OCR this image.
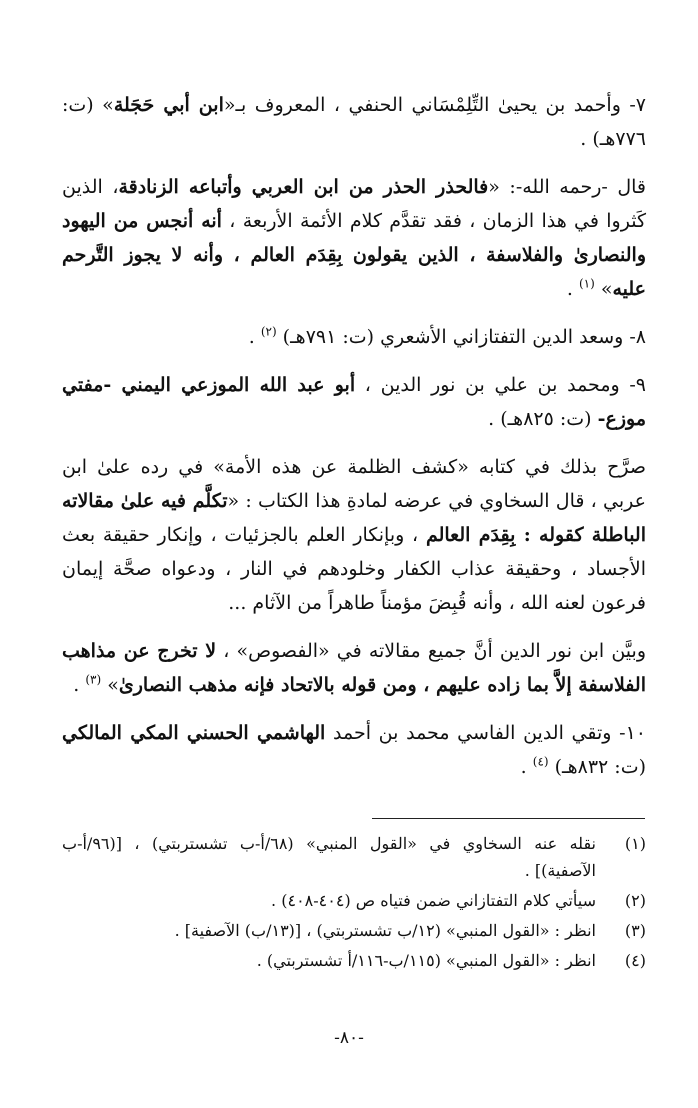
٧- وأحمد بن يحيىٰ التِّلِمْسَاني الحنفي ، المعروف بـ«ابن أبي حَجَلة» (ت: ٧٧٦هـ) .

قال -رحمه الله-: «فالحذر الحذر من ابن العربي وأتباعه الزنادقة، الذين كَثروا في هذا الزمان ، فقد تقدَّم كلام الأئمة الأربعة ، أنه أنجس من اليهود والنصارىٰ والفلاسفة ، الذين يقولون بِقِدَم العالم ، وأنه لا يجوز التَّرحم عليه» $^{(١)}$ .

٨- وسعد الدين التفتازاني الأشعري (ت: ٧٩١هـ) $^{(٢)}$ .

٩- ومحمد بن علي بن نور الدين ، أبو عبد الله الموزعي اليمني -مفتي موزع- (ت: ٨٢٥هـ) .

صرَّح بذلك في كتابه «كشف الظلمة عن هذه الأمة» في رده علىٰ ابن عربي ، قال السخاوي في عرضه لمادةِ هذا الكتاب : «تكلَّم فيه علىٰ مقالاته الباطلة كقوله : بِقِدَم العالم ، وبإنكار العلم بالجزئيات ، وإنكار حقيقة بعث الأجساد ، وحقيقة عذاب الكفار وخلودهم في النار ، ودعواه صحَّة إيمان فرعون لعنه الله ، وأنه قُبِضَ مؤمناً طاهراً من الآثام ...

وبيَّن ابن نور الدين أنَّ جميع مقالاته في «الفصوص» ، لا تخرج عن مذاهب الفلاسفة إلاَّ بما زاده عليهم ، ومن قوله بالاتحاد فإنه مذهب النصارىٰ» $^{(٣)}$ .

١٠- وتقي الدين الفاسي محمد بن أحمد الهاشمي الحسني المكي المالكي (ت: ٨٣٢هـ) $^{(٤)}$ .

(١)
نقله عنه السخاوي في «القول المنبي» (٦٨/أ-ب تشستربتي) ، [(٩٦/أ-ب الآصفية)] .
(٢)
سيأتي كلام التفتازاني ضمن فتياه ص (٤٠٤-٤٠٨) .
(٣)
انظر : «القول المنبي» (١٢/ب تشستربتي) ، [(١٣/ب) الآصفية] .
(٤)
انظر : «القول المنبي» (١١٥/ب-١١٦/أ تشستربتي) .
-٨٠-
